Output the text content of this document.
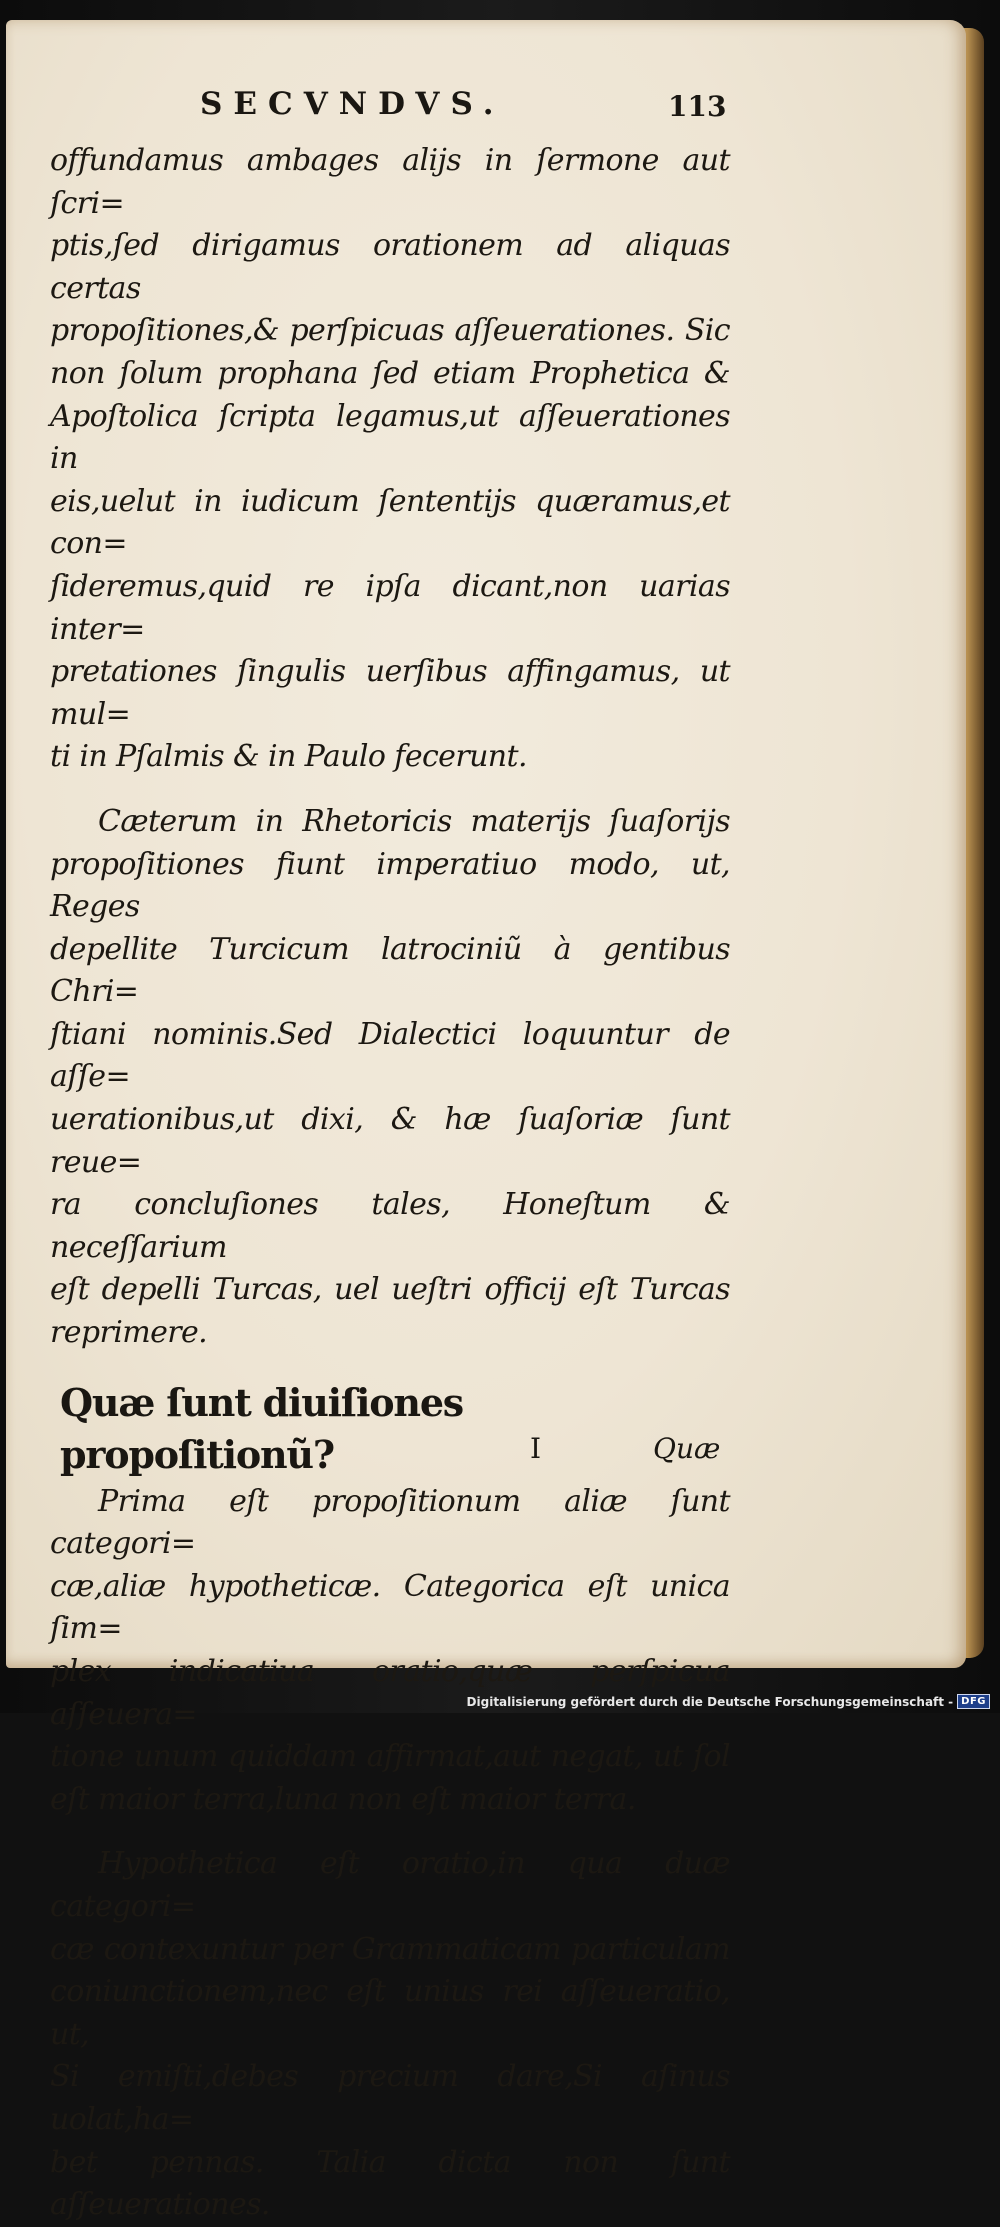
SECVNDVS.	113

offundamus ambages alijs in ſermone aut ſcri=

ptis,ſed dirigamus orationem ad aliquas certas

propoſitiones,& perſpicuas aſſeuerationes. Sic

non ſolum prophana ſed etiam Prophetica &

Apoſtolica ſcripta legamus,ut aſſeuerationes in

eis,uelut in iudicum ſententijs quæramus,et con=

ſideremus,quid re ipſa dicant,non uarias inter=

pretationes ſingulis uerſibus affingamus, ut mul=

ti in Pſalmis & in Paulo fecerunt.

Cæterum in Rhetoricis materijs ſuaſorijs

propoſitiones fiunt imperatiuo modo, ut, Reges

depellite Turcicum latrociniũ à gentibus Chri=

ſtiani nominis.Sed Dialectici loquuntur de aſſe=

uerationibus,ut dixi, & hæ ſuaſoriæ ſunt reue=

ra concluſiones tales, Honeſtum & neceſſarium

eſt depelli Turcas, uel ueſtri officij eſt Turcas

reprimere.

Quæ ſunt diuiſiones propoſitionũ?

Prima eſt propoſitionum aliæ ſunt categori=

cæ,aliæ hypotheticæ. Categorica eſt unica ſim=

plex indicatiua oratio,quæ perſpicua aſſeuera=

tione unum quiddam affirmat,aut negat, ut ſol

eſt maior terra,luna non eſt maior terra.

Hypothetica eſt oratio,in qua duæ categori=

cæ contexuntur per Grammaticam particulam

coniunctionem,nec eſt unius rei aſſeueratio, ut,

Si emiſti,debes precium dare,Si aſinus uolat,ha=

bet pennas. Talia dicta non ſunt aſſeuerationes.

I	Quæ
Digitalisierung gefördert durch die Deutsche Forschungsgemeinschaft - DFG
